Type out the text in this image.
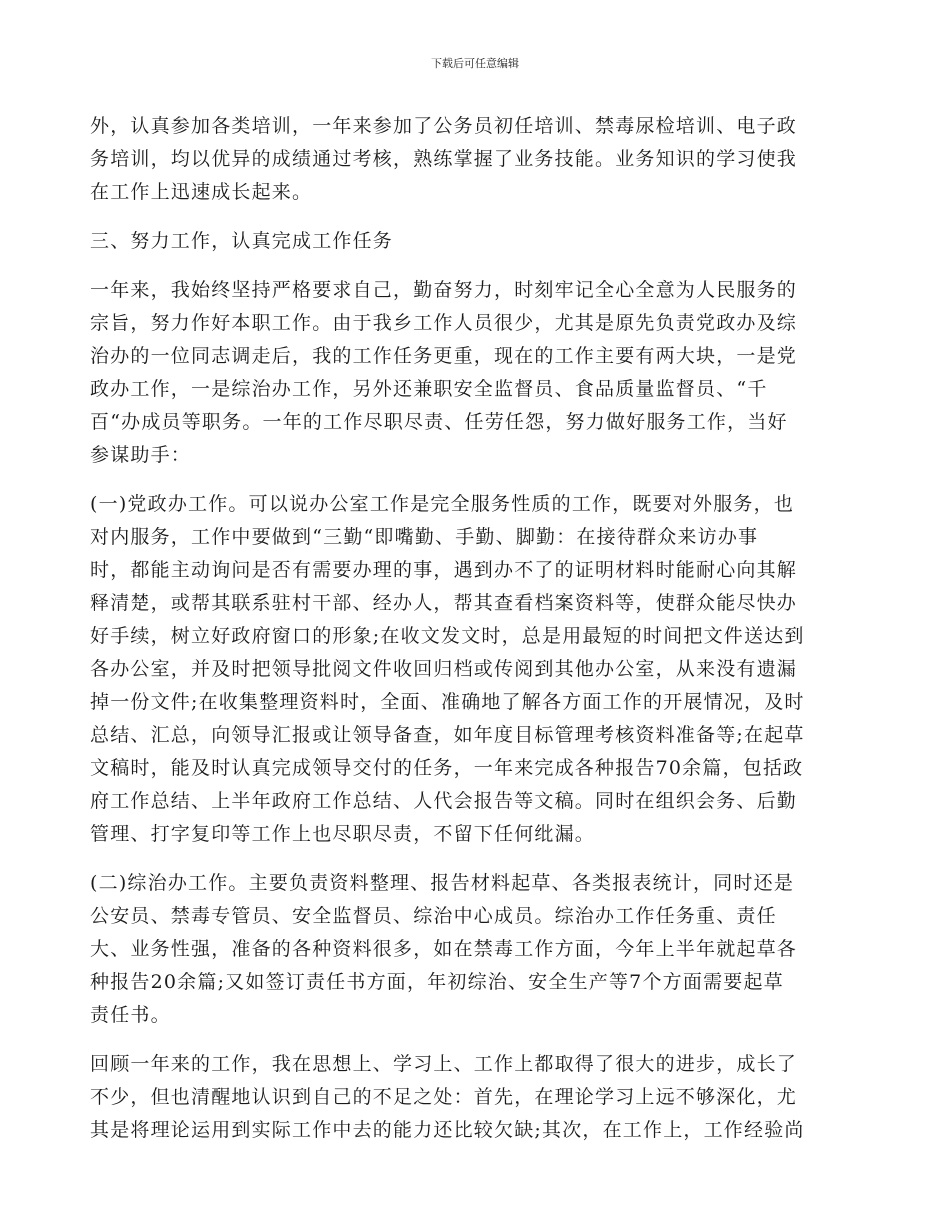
下载后可任意编辑

外，认真参加各类培训，一年来参加了公务员初任培训、禁毒尿检培训、电子政
务培训，均以优异的成绩通过考核，熟练掌握了业务技能。业务知识的学习使我
在工作上迅速成长起来。

三、努力工作，认真完成工作任务

一年来，我始终坚持严格要求自己，勤奋努力，时刻牢记全心全意为人民服务的
宗旨，努力作好本职工作。由于我乡工作人员很少，尤其是原先负责党政办及综
治办的一位同志调走后，我的工作任务更重，现在的工作主要有两大块，一是党
政办工作，一是综治办工作，另外还兼职安全监督员、食品质量监督员、“千
百“办成员等职务。一年的工作尽职尽责、任劳任怨，努力做好服务工作，当好
参谋助手：

(一)党政办工作。可以说办公室工作是完全服务性质的工作，既要对外服务，也
对内服务，工作中要做到“三勤“即嘴勤、手勤、脚勤：在接待群众来访办事
时，都能主动询问是否有需要办理的事，遇到办不了的证明材料时能耐心向其解
释清楚，或帮其联系驻村干部、经办人，帮其查看档案资料等，使群众能尽快办
好手续，树立好政府窗口的形象;在收文发文时，总是用最短的时间把文件送达到
各办公室，并及时把领导批阅文件收回归档或传阅到其他办公室，从来没有遗漏
掉一份文件;在收集整理资料时，全面、准确地了解各方面工作的开展情况，及时
总结、汇总，向领导汇报或让领导备查，如年度目标管理考核资料准备等;在起草
文稿时，能及时认真完成领导交付的任务，一年来完成各种报告70余篇，包括政
府工作总结、上半年政府工作总结、人代会报告等文稿。同时在组织会务、后勤
管理、打字复印等工作上也尽职尽责，不留下任何纰漏。

(二)综治办工作。主要负责资料整理、报告材料起草、各类报表统计，同时还是
公安员、禁毒专管员、安全监督员、综治中心成员。综治办工作任务重、责任
大、业务性强，准备的各种资料很多，如在禁毒工作方面，今年上半年就起草各
种报告20余篇;又如签订责任书方面，年初综治、安全生产等7个方面需要起草
责任书。

回顾一年来的工作，我在思想上、学习上、工作上都取得了很大的进步，成长了
不少，但也清醒地认识到自己的不足之处：首先，在理论学习上远不够深化，尤
其是将理论运用到实际工作中去的能力还比较欠缺;其次，在工作上，工作经验尚
